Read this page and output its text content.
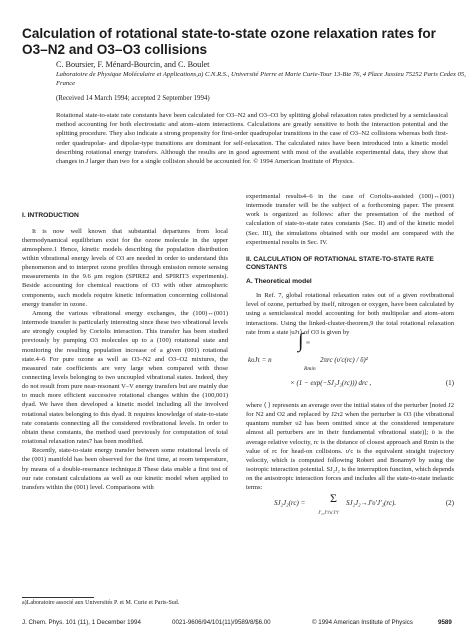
Calculation of rotational state-to-state ozone relaxation rates for O3–N2 and O3–O3 collisions
C. Boursier, F. Ménard-Bourcin, and C. Boulet
Laboratoire de Physique Moléculaire et Applications,a) C.N.R.S., Université Pierre et Marie Curie-Tour 13-Bte 76, 4 Place Jussieu 75252 Paris Cedex 05, France
(Received 14 March 1994; accepted 2 September 1994)
Rotational state-to-state rate constants have been calculated for O3–N2 and O3–O3 by splitting global relaxation rates predicted by a semiclassical method accounting for both electrostatic and atom–atom interactions. Calculations are greatly sensitive to both the interaction potential and the splitting procedure. They also indicate a strong propensity for first-order quadrupolar transitions in the case of O3–N2 collisions whereas both first-order quadrupolar- and dipolar-type transitions are dominant for self-relaxation. The calculated rates have been introduced into a kinetic model describing rotational energy transfers. Although the results are in good agreement with most of the available experimental data, they show that changes in J larger than two for a single collision should be accounted for. © 1994 American Institute of Physics.
I. INTRODUCTION

It is now well known that substantial departures from local thermodynamical equilibrium exist for the ozone molecule in the upper atmosphere.1 Hence, kinetic models describing the population distribution within vibrational energy levels of O3 are needed in order to understand this phenomenon and to interpret ozone profiles through emission remote sensing measurements in the 9.6 μm region (SPIRE2 and SPIRIT3 experiments). Beside accounting for chemical reactions of O3 with other atmospheric components, such models require kinetic information concerning collisional energy transfer in ozone.

Among the various vibrational energy exchanges, the (100)↔(001) intermode transfer is particularly interesting since these two vibrational levels are strongly coupled by Coriolis interaction. This transfer has been studied previously by pumping O3 molecules up to a (100) rotational state and monitoring the resulting population increase of a given (001) rotational state.4–6 For pure ozone as well as O3–N2 and O3–O2 mixtures, the measured rate coefficients are very large when compared with those connecting levels belonging to two uncoupled vibrational states. Indeed, they do not result from pure near-resonant V–V energy transfers but are mainly due to much more efficient successive rotational changes within the (100,001) dyad. We have then developed a kinetic model including all the involved rotational states belonging to this dyad. It requires knowledge of state-to-state rate constants connecting all the considered rovibrational levels. In order to obtain these constants, the method used previously for computation of total rotational relaxation rates7 has been modified.

Recently, state-to-state energy transfer between some rotational levels of the (001) manifold has been observed for the first time, at room temperature, by means of a double-resonance technique.8 These data enable a first test of our rate constant calculations as well as our kinetic model when applied to transfers within the (001) level. Comparisons with

experimental results4–6 in the case of Coriolis-assisted (100)↔(001) intermode transfer will be the subject of a forthcoming paper. The present work is organized as follows: after the presentation of the method of calculation of state-to-state rates constants (Sec. II) and of the kinetic model (Sec. III), the simulations obtained with our model are compared with the experimental results in Sec. IV.
II. CALCULATION OF ROTATIONAL STATE-TO-STATE RATE CONSTANTS
A. Theoretical model

In Ref. 7, global rotational relaxation rates out of a given rovibrational level of ozone, perturbed by itself, nitrogen or oxygen, have been calculated by using a semiclassical model accounting for both multipolar and atom–atom interactions. Using the linked-cluster-theorem,9 the total rotational relaxation rate from a state |υJτ⟩ of O3 is given by

kυJτ = n
∫ ∞
Rmin
2πrc (υ′c(rc) / ῡ)²
× (1 − exp(−SJ₂J₂(rc))) drc ,	(1)

where ⟨ ⟩ represents an average over the initial states of the perturber [noted J2 for N2 and O2 and replaced by J2τ2 when the perturber is O3 (the vibrational quantum number υ2 has been omitted since at the considered temperature almost all perturbers are in their fundamental vibrational state)]; ῡ is the average relative velocity, rc is the distance of closest approach and Rmin is the value of rc for head-on collisions. υ′c is the equivalent straight trajectory velocity, which is computed following Robert and Bonamy9 by using the isotropic interaction potential. SJ₂J₂ is the interruption function, which depends on the anisotropic interaction forces and includes all the state-to-state inelastic terms:

SJ₂J₂(rc) = Σ
J′₂,J′τ′υ′J′τ′
SJ₂J₂→J′υ′J′₂(rc).	(2)
a)Laboratoire associé aux Universités P. et M. Curie et Paris-Sud.
J. Chem. Phys. 101 (11), 1 December 1994	0021-9606/94/101(11)/9589/8/$6.00	© 1994 American Institute of Physics	9589
